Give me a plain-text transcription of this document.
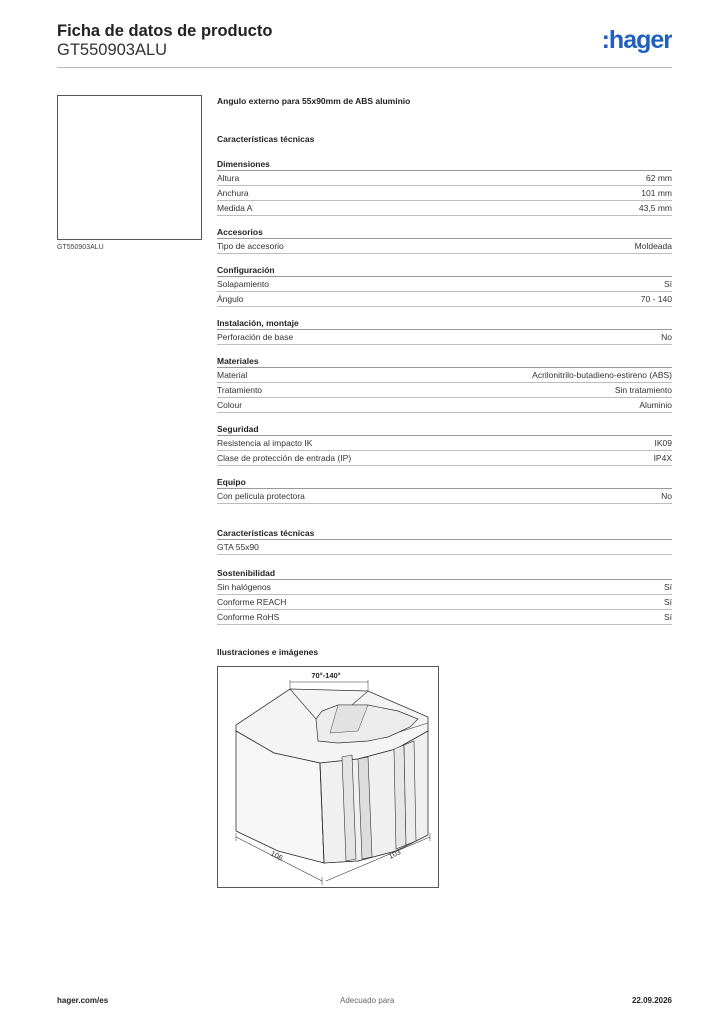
Ficha de datos de producto
GT550903ALU	:hager
GT550903ALU
Angulo externo para 55x90mm de ABS aluminio
Características técnicas
Dimensiones
Altura	62 mm
Anchura	101 mm
Medida A	43,5 mm
Accesorios
Tipo de accesorio	Moldeada
Configuración
Solapamiento	Sí
Ángulo	70 - 140
Instalación, montaje
Perforación de base	No
Materiales
Material	Acrilonitrilo-butadieno-estireno (ABS)
Tratamiento	Sin tratamiento
Colour	Aluminio
Seguridad
Resistencia al impacto IK	IK09
Clase de protección de entrada (IP)	IP4X
Equipo
Con película protectora	No
Características técnicas
GTA 55x90
Sostenibilidad
Sin halógenos	Sí
Conforme REACH	Sí
Conforme RoHS	Sí
Ilustraciones e imágenes
70°-140°
106	103
hager.com/es	Adecuado para	22.09.2026
